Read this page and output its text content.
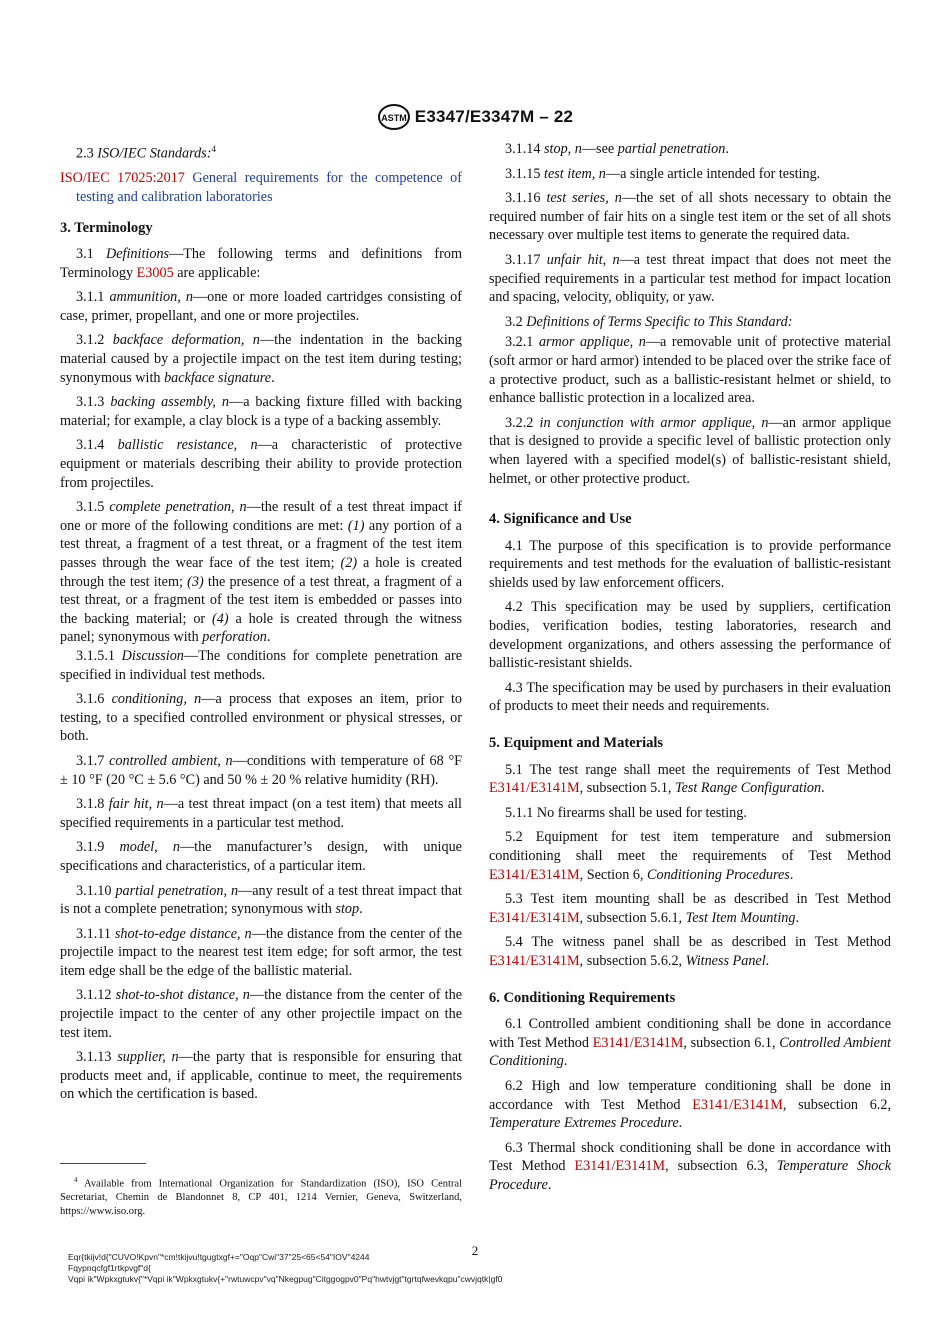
ASTM E3347/E3347M – 22

2.3 ISO/IEC Standards:$^4$

ISO/IEC 17025:2017 General requirements for the competence of testing and calibration laboratories

3. Terminology

3.1 Definitions—The following terms and definitions from Terminology E3005 are applicable:

3.1.1 ammunition, n—one or more loaded cartridges consisting of case, primer, propellant, and one or more projectiles.

3.1.2 backface deformation, n—the indentation in the backing material caused by a projectile impact on the test item during testing; synonymous with backface signature.

3.1.3 backing assembly, n—a backing fixture filled with backing material; for example, a clay block is a type of a backing assembly.

3.1.4 ballistic resistance, n—a characteristic of protective equipment or materials describing their ability to provide protection from projectiles.

3.1.5 complete penetration, n—the result of a test threat impact if one or more of the following conditions are met: (1) any portion of a test threat, a fragment of a test threat, or a fragment of the test item passes through the wear face of the test item; (2) a hole is created through the test item; (3) the presence of a test threat, a fragment of a test threat, or a fragment of the test item is embedded or passes into the backing material; or (4) a hole is created through the witness panel; synonymous with perforation.

3.1.5.1 Discussion—The conditions for complete penetration are specified in individual test methods.

3.1.6 conditioning, n—a process that exposes an item, prior to testing, to a specified controlled environment or physical stresses, or both.

3.1.7 controlled ambient, n—conditions with temperature of 68 °F ± 10 °F (20 °C ± 5.6 °C) and 50 % ± 20 % relative humidity (RH).

3.1.8 fair hit, n—a test threat impact (on a test item) that meets all specified requirements in a particular test method.

3.1.9 model, n—the manufacturer’s design, with unique specifications and characteristics, of a particular item.

3.1.10 partial penetration, n—any result of a test threat impact that is not a complete penetration; synonymous with stop.

3.1.11 shot-to-edge distance, n—the distance from the center of the projectile impact to the nearest test item edge; for soft armor, the test item edge shall be the edge of the ballistic material.

3.1.12 shot-to-shot distance, n—the distance from the center of the projectile impact to the center of any other projectile impact on the test item.

3.1.13 supplier, n—the party that is responsible for ensuring that products meet and, if applicable, continue to meet, the requirements on which the certification is based.

$^4$ Available from International Organization for Standardization (ISO), ISO Central Secretariat, Chemin de Blandonnet 8, CP 401, 1214 Vernier, Geneva, Switzerland, https://www.iso.org.

3.1.14 stop, n—see partial penetration.

3.1.15 test item, n—a single article intended for testing.

3.1.16 test series, n—the set of all shots necessary to obtain the required number of fair hits on a single test item or the set of all shots necessary over multiple test items to generate the required data.

3.1.17 unfair hit, n—a test threat impact that does not meet the specified requirements in a particular test method for impact location and spacing, velocity, obliquity, or yaw.

3.2 Definitions of Terms Specific to This Standard:

3.2.1 armor applique, n—a removable unit of protective material (soft armor or hard armor) intended to be placed over the strike face of a protective product, such as a ballistic-resistant helmet or shield, to enhance ballistic protection in a localized area.

3.2.2 in conjunction with armor applique, n—an armor applique that is designed to provide a specific level of ballistic protection only when layered with a specified model(s) of ballistic-resistant shield, helmet, or other protective product.

4. Significance and Use

4.1 The purpose of this specification is to provide performance requirements and test methods for the evaluation of ballistic-resistant shields used by law enforcement officers.

4.2 This specification may be used by suppliers, certification bodies, verification bodies, testing laboratories, research and development organizations, and others assessing the performance of ballistic-resistant shields.

4.3 The specification may be used by purchasers in their evaluation of products to meet their needs and requirements.

5. Equipment and Materials

5.1 The test range shall meet the requirements of Test Method E3141/E3141M, subsection 5.1, Test Range Configuration.

5.1.1 No firearms shall be used for testing.

5.2 Equipment for test item temperature and submersion conditioning shall meet the requirements of Test Method E3141/E3141M, Section 6, Conditioning Procedures.

5.3 Test item mounting shall be as described in Test Method E3141/E3141M, subsection 5.6.1, Test Item Mounting.

5.4 The witness panel shall be as described in Test Method E3141/E3141M, subsection 5.6.2, Witness Panel.

6. Conditioning Requirements

6.1 Controlled ambient conditioning shall be done in accordance with Test Method E3141/E3141M, subsection 6.1, Controlled Ambient Conditioning.

6.2 High and low temperature conditioning shall be done in accordance with Test Method E3141/E3141M, subsection 6.2, Temperature Extremes Procedure.

6.3 Thermal shock conditioning shall be done in accordance with Test Method E3141/E3141M, subsection 6.3, Temperature Shock Procedure.

2
Eqr{tkijv!d{"CUVO!Kpvn"*cm!tkijvu!tgugtxgf+="Oqp"Cwi"37"25<65<54"IOV"4244
Fqypnqcfgf1rtkpvgf"d{
Vqpi ik"Wpkxgtukv{"*Vqpi ik"Wpkxgtukv{+"rwtuwcpv"vq"Nkegpug"Citggogpv0"Pq"hwtvjgt"tgrtqfwevkqpu"cwvjqtk|gf0
